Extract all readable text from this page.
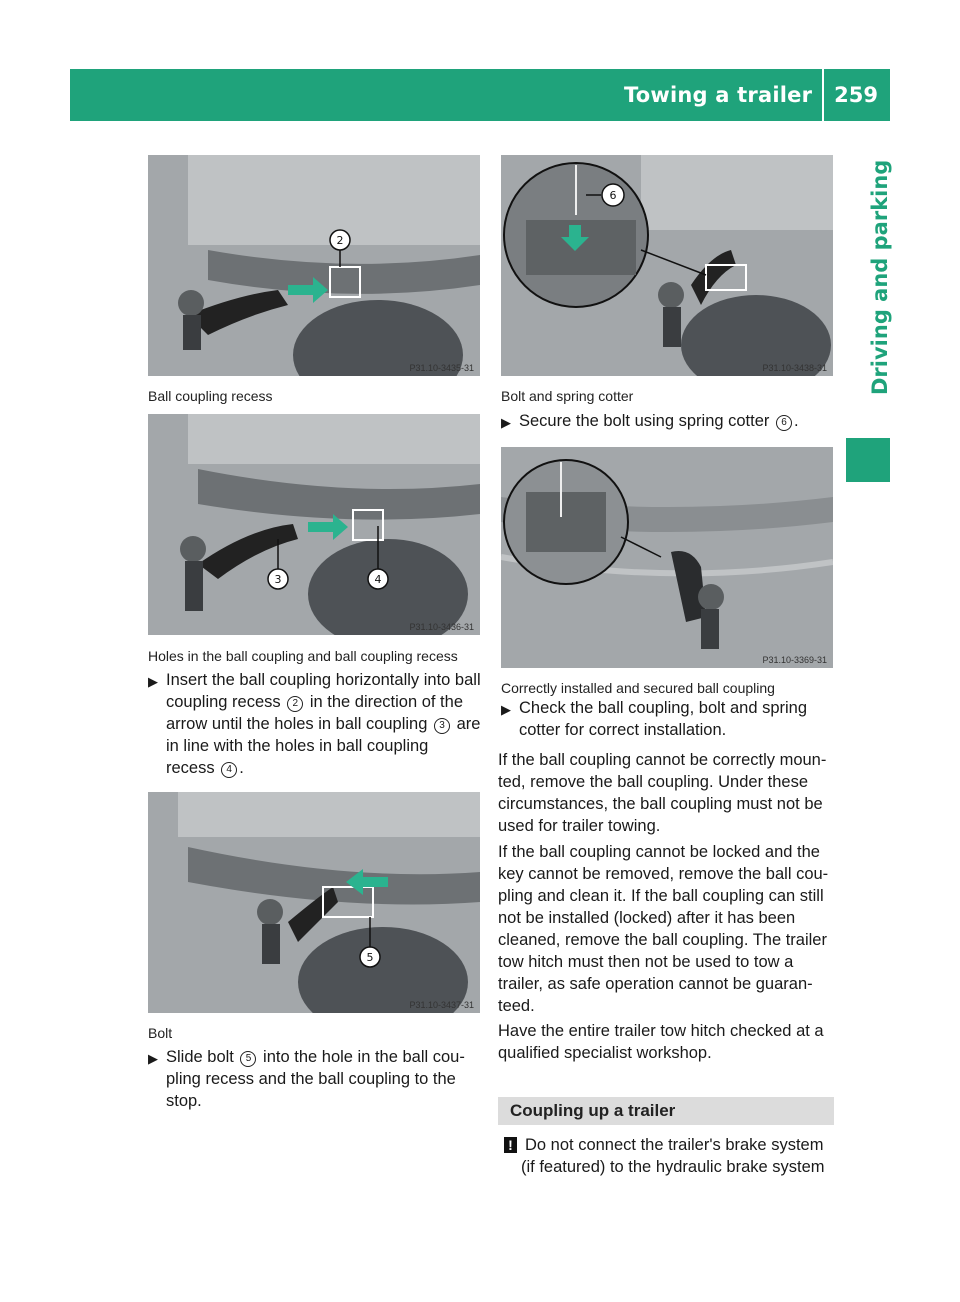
Towing a trailer	259
Driving and parking
2
P31.10-3435-31
Ball coupling recess
3	4
P31.10-3436-31
Holes in the ball coupling and ball coupling recess
▶ Insert the ball coupling horizontally into ball

coupling recess 2 in the direction of the

arrow until the holes in ball coupling 3 are

in line with the holes in ball coupling

recess 4 .

5
P31.10-3437-31
Bolt
▶ Slide bolt 5 into the hole in the ball cou-

pling recess and the ball coupling to the

stop.

6
P31.10-3438-31
Bolt and spring cotter
▶ Secure the bolt using spring cotter 6 .

P31.10-3369-31
Correctly installed and secured ball coupling
▶ Check the ball coupling, bolt and spring

cotter for correct installation.

If the ball coupling cannot be correctly moun-

ted, remove the ball coupling. Under these

circumstances, the ball coupling must not be

used for trailer towing.

If the ball coupling cannot be locked and the

key cannot be removed, remove the ball cou-

pling and clean it. If the ball coupling can still

not be installed (locked) after it has been

cleaned, remove the ball coupling. The trailer

tow hitch must then not be used to tow a

trailer, as safe operation cannot be guaran-

teed.

Have the entire trailer tow hitch checked at a

qualified specialist workshop.

Coupling up a trailer

! Do not connect the trailer's brake system

(if featured) to the hydraulic brake system
